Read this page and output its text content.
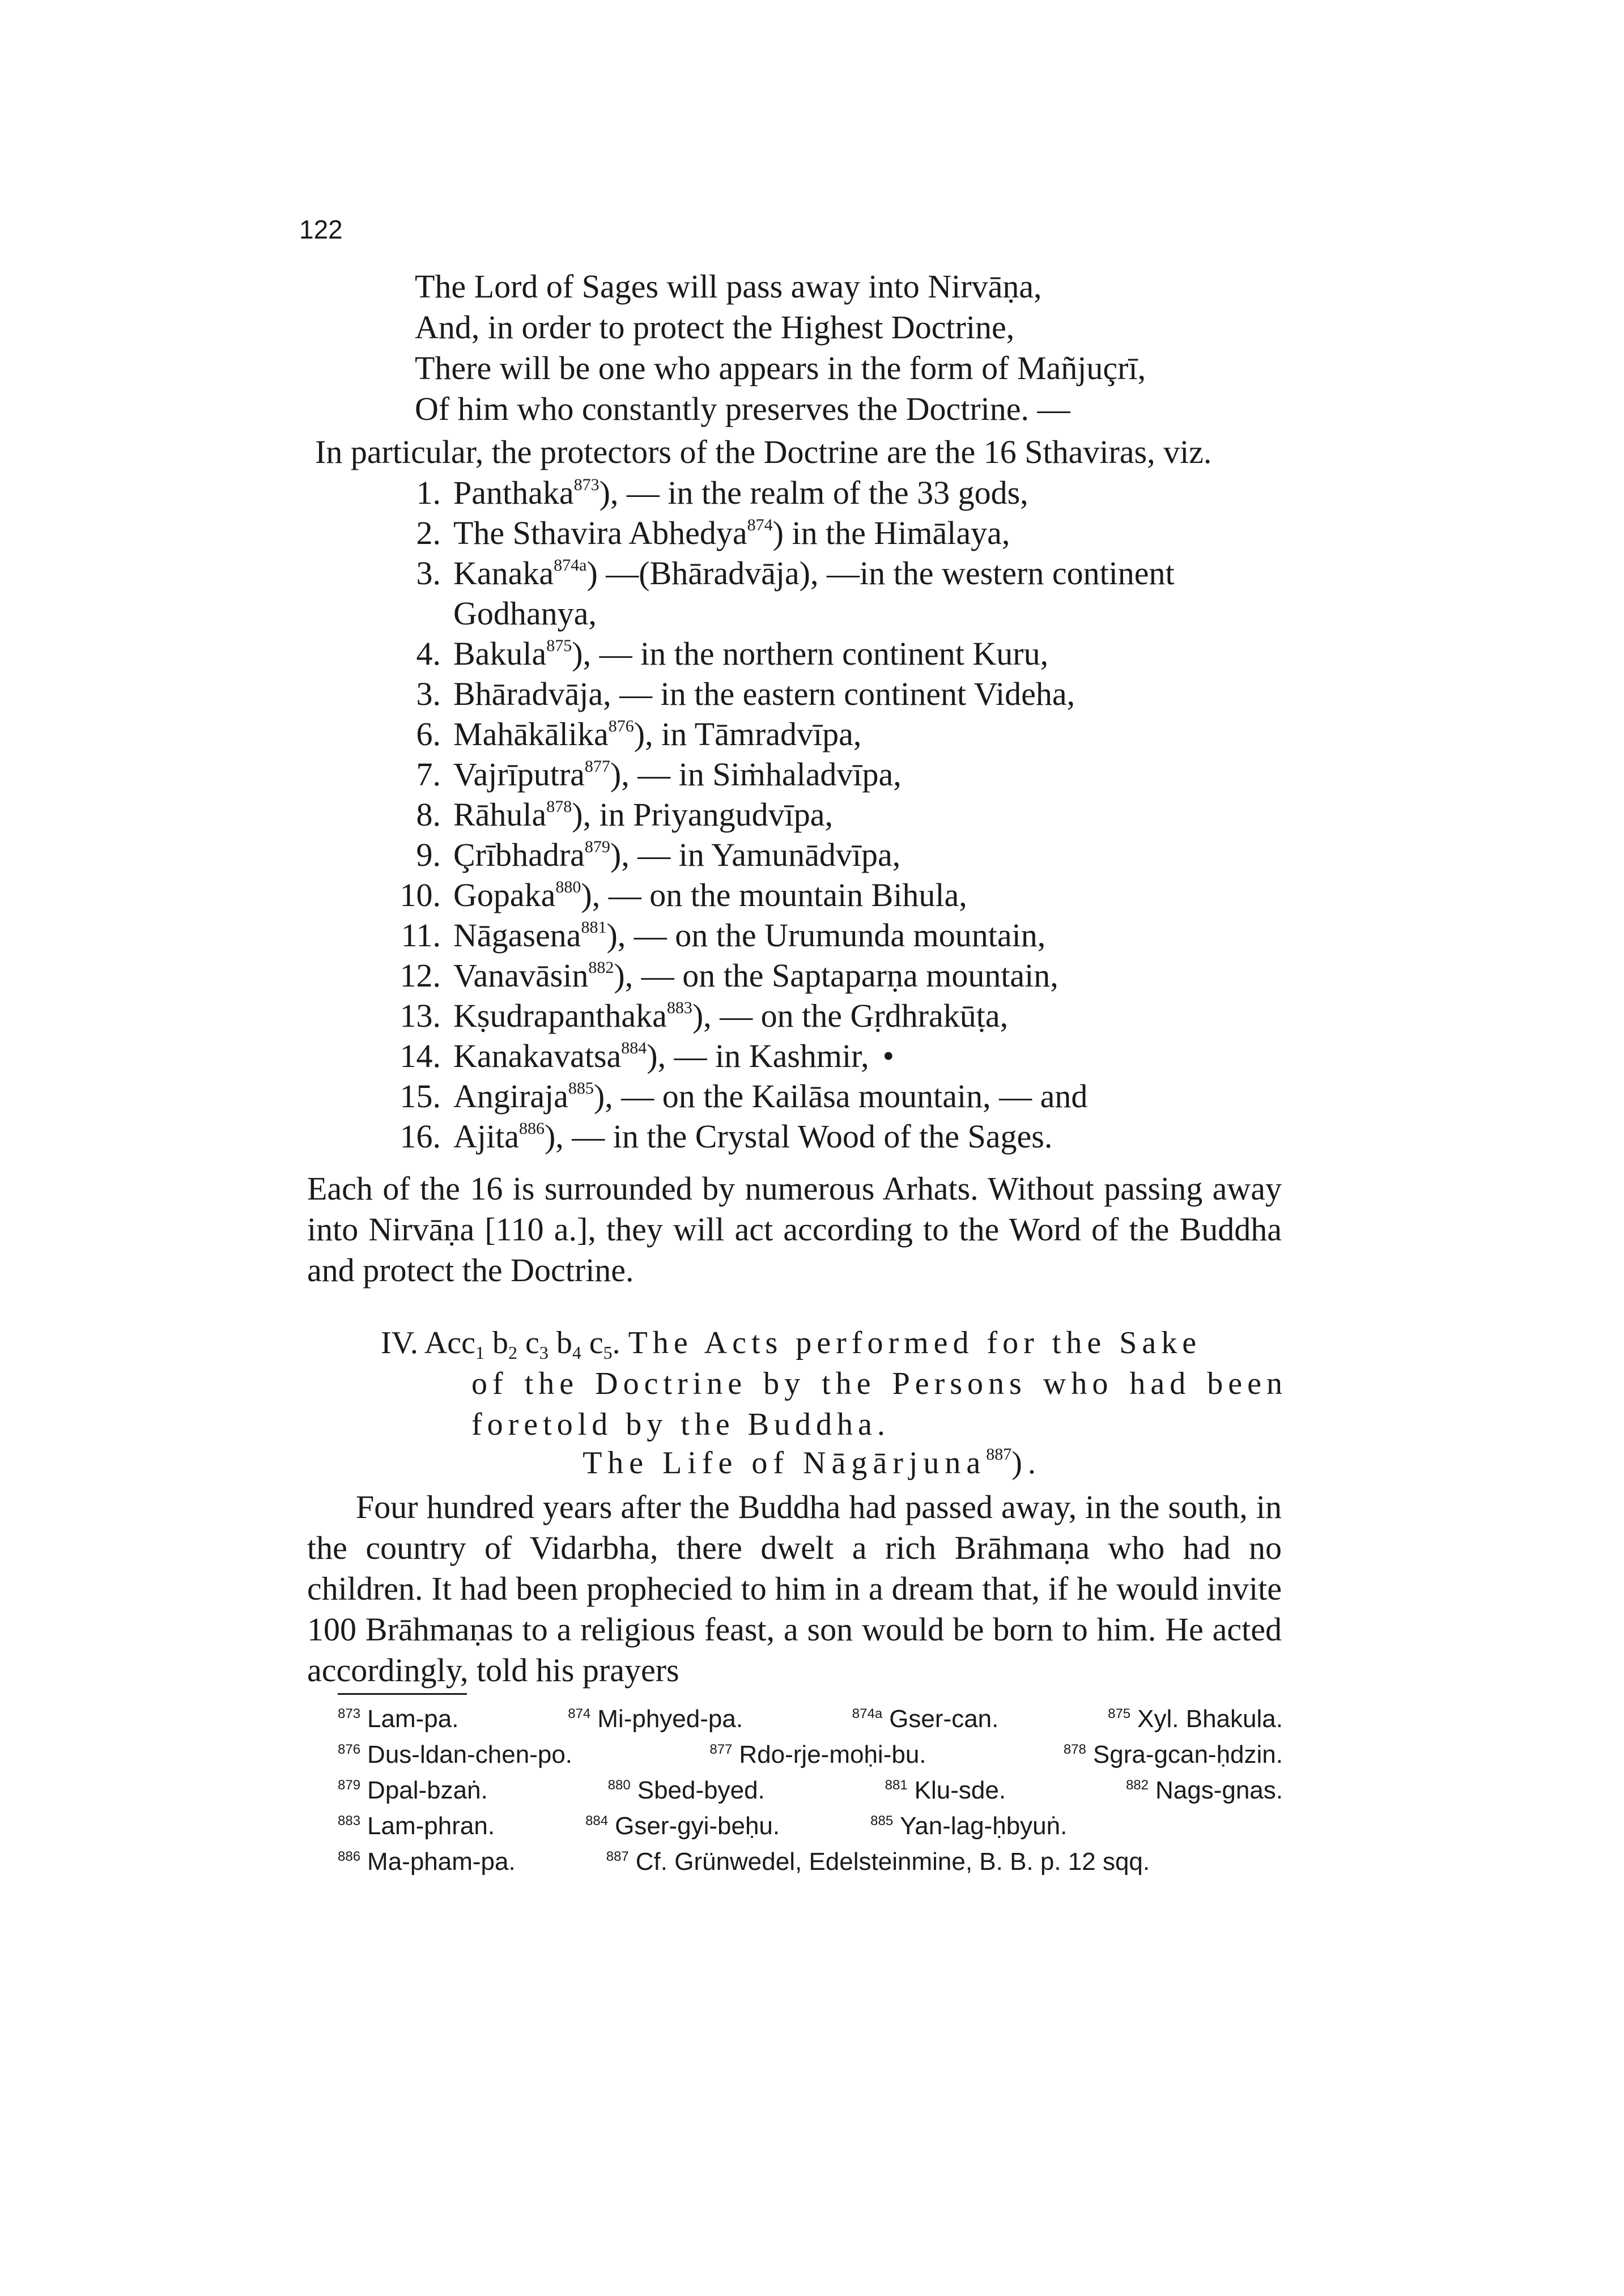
122
The Lord of Sages will pass away into Nirvāṇa,
And, in order to protect the Highest Doctrine,
There will be one who appears in the form of Mañjuçrī,
Of him who constantly preserves the Doctrine. —
In particular, the protectors of the Doctrine are the 16 Sthaviras, viz.
1. Panthaka$^{873}$), — in the realm of the 33 gods,
2. The Sthavira Abhedya$^{874}$) in the Himālaya,
3. Kanaka$^{874a}$) —(Bhāradvāja), —in the western continent
Godhanya,
4. Bakula$^{875}$), — in the northern continent Kuru,
3. Bhāradvāja, — in the eastern continent Videha,
6. Mahākālika$^{876}$), in Tāmradvīpa,
7. Vajrīputra$^{877}$), — in Siṁhaladvīpa,
8. Rāhula$^{878}$), in Priyangudvīpa,
9. Çrībhadra$^{879}$), — in Yamunādvīpa,
10. Gopaka$^{880}$), — on the mountain Bihula,
11. Nāgasena$^{881}$), — on the Urumunda mountain,
12. Vanavāsin$^{882}$), — on the Saptaparṇa mountain,
13. Kṣudrapanthaka$^{883}$), — on the Gṛdhrakūṭa,
14. Kanakavatsa$^{884}$), — in Kashmir, •
15. Angiraja$^{885}$), — on the Kailāsa mountain, — and
16. Ajita$^{886}$), — in the Crystal Wood of the Sages.
Each of the 16 is surrounded by numerous Arhats. Without passing away into Nirvāṇa [110 a.], they will act according to the Word of the Buddha and protect the Doctrine.
IV. Acc$_1$ $b_2$ $c_3$ $b_4$ $c_5$. The Acts performed for the Sake
of the Doctrine by the Persons who had been foretold by the Buddha.
The Life of Nāgārjuna$^{887}$).
Four hundred years after the Buddha had passed away, in the south, in the country of Vidarbha, there dwelt a rich Brāhmaṇa who had no children. It had been prophecied to him in a dream that, if he would invite 100 Brāhmaṇas to a religious feast, a son would be born to him. He acted accordingly, told his prayers
$^{873}$ Lam-pa.	$^{874}$ Mi-phyed-pa.	$^{874a}$ Gser-can.	$^{875}$ Xyl. Bhakula.
$^{876}$ Dus-ldan-chen-po.	$^{877}$ Rdo-rje-moḥi-bu.	$^{878}$ Sgra-gcan-ḥdzin.
$^{879}$ Dpal-bzaṅ.	$^{880}$ Sbed-byed.	$^{881}$ Klu-sde.	$^{882}$ Nags-gnas.
$^{883}$ Lam-phran.	$^{884}$ Gser-gyi-beḥu.	$^{885}$ Yan-lag-ḥbyuṅ.
$^{886}$ Ma-pham-pa.	$^{887}$ Cf. Grünwedel, Edelsteinmine, B. B. p. 12 sqq.
